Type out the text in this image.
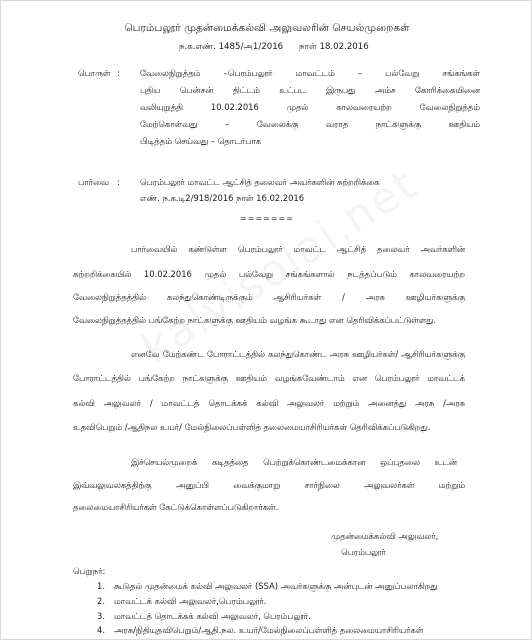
பெரம்பலூர் முதன்மைக்கல்வி அலுவலரின் செயல்முறைகள்
ந.க.எண். 1485/அ1/2016 நாள் 18.02.2016
பொருள் : வேலைநிறுத்தம் –பெரம்பலூர் மாவட்டம் – பல்வேறு சங்கங்கள்
புதிய பென்சன் திட்டம் உட்பட இருபது அம்ச கோரிக்கையினை
வலியுறுத்தி 10.02.2016 முதல் காலவரையற்ற வேலைநிறுத்தம்
மேற்கொள்வது – வேலைக்கு வராத நாட்களுக்கு ஊதியம்
பிடித்தம் செய்வது – தொடர்பாக
பார்வை : பெரம்பலூர் மாவட்ட ஆட்சித் தலைவர் அவர்களின் சுற்றறிக்கை
எண். ந.க.டி2/918/2016 நாள் 16.02.2016
=======
பார்வையில் கண்டுள்ள பெரம்பலூர் மாவட்ட ஆட்சித் தலைவர் அவர்களின்
சுற்றறிக்கையில் 10.02.2016 முதல் பல்வேறு சங்கங்களால் நடத்தப்படும் காலவரையற்ற
வேலைநிறுத்தத்தில் கலந்துகொண்டிருக்கும் ஆசிரியர்கள் / அரசு ஊழியர்களுக்கு
வேலைநிறுத்தத்தில் பங்கேற்ற நாட்களுக்கு ஊதியம் வழங்க கூடாது என தெரிவிக்கப்பட்டுள்ளது.
எனவே மேற்கண்ட போராட்டத்தில் கலந்துகொண்ட அரசு ஊழியர்கள்/ ஆசிரியர்களுக்கு
போராட்டத்தில் பங்கேற்ற நாட்களுக்கு ஊதியம் வழங்கவேண்டாம் என பெரம்பலூர் மாவட்டக்
கல்வி அலுவலர் / மாவட்டத் தொடக்கக் கல்வி அலுவலர் மற்றும் அனைத்து அரசு /அரசு
உதவிபெறும் /ஆதிநல உயர்/ மேல்நிலைப்பள்ளித் தலைமையாசிரியர்கள் தெரிவிக்கப்படுகிறது.
இச்செயல்முறைக் கடிதத்தை பெற்றுக்கொண்டமைக்கான ஒப்புதலை உடன்
இவ்வலுவலகத்திற்கு அனுப்பி வைக்குமாறு சார்நிலை அலுவலர்கள் மற்றும்
தலைமையாசிரியர்கள் கேட்டுக்கொள்ளப்படுகிறார்கள்.
முதன்மைக்கல்வி அலுவலர்,
பெரம்பலூர்
பெறுநர்:
1. கூடுதல் முதன்மைக் கல்வி அலுவலர் (SSA) அவர்களுக்கு அன்புடன் அனுப்பலாகிறது
2. மாவட்டக் கல்வி அலுவலர்,பெரம்பலூர்.
3. மாவட்டத் தொடக்கக் கல்வி அலுவலர், பெரம்பலூர்.
4. அரசு/நிதியுதவிபெறும்/ஆதி.நல. உயர்/மேல்நிலைப்பள்ளித் தலைமையாசிரியர்கள்
